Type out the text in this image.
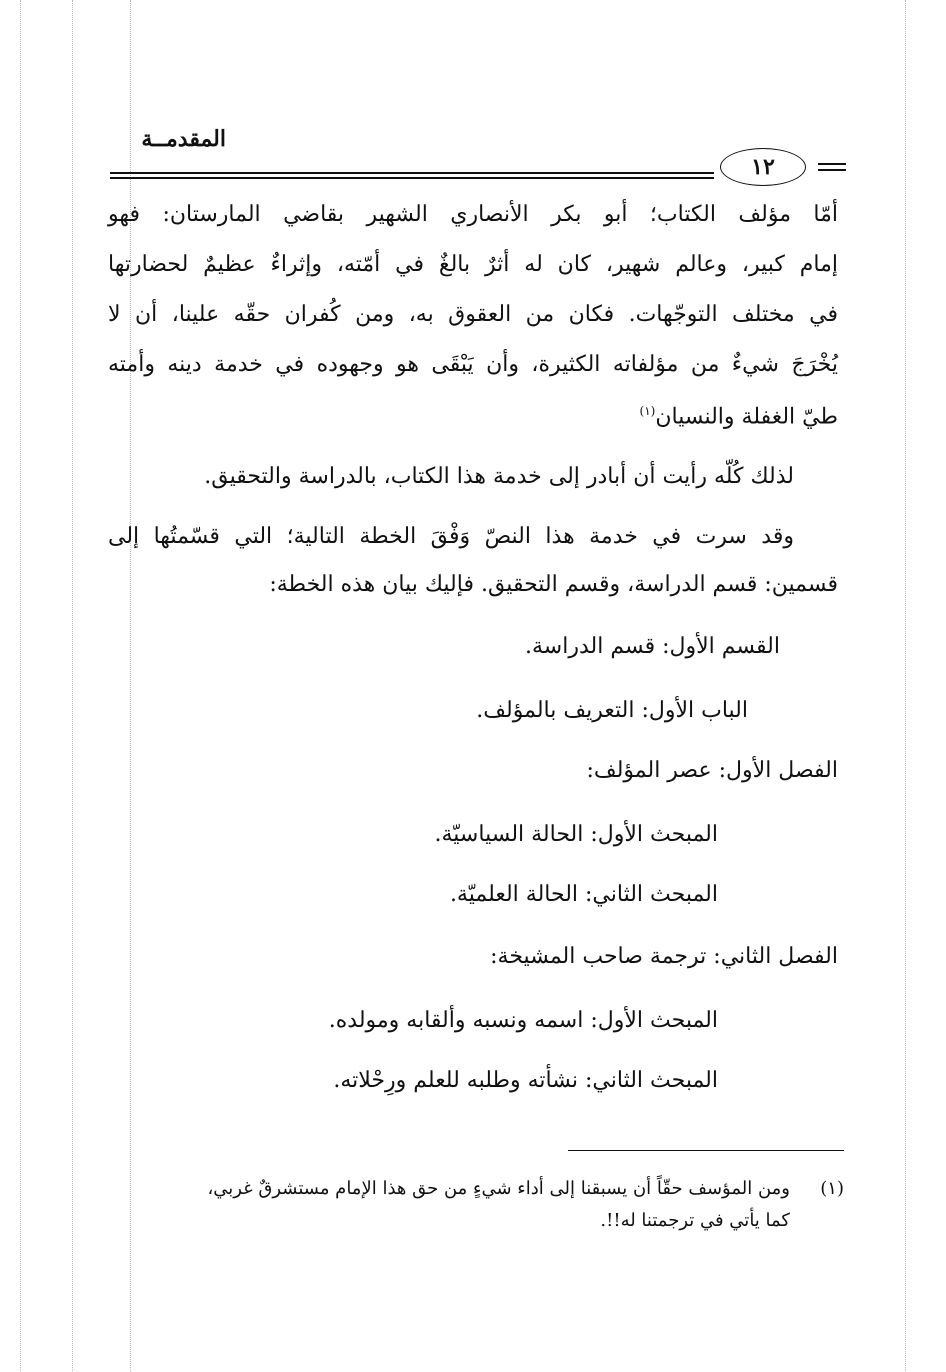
المقدمــة
١٢
أمّا مؤلف الكتاب؛ أبو بكر الأنصاري الشهير بقاضي المارستان: فهو
إمام كبير، وعالم شهير، كان له أثرٌ بالغٌ في أمّته، وإثراءٌ عظيمٌ لحضارتها
في مختلف التوجّهات. فكان من العقوق به، ومن كُفران حقّه علينا، أن لا
يُخْرَجَ شيءٌ من مؤلفاته الكثيرة، وأن يَبْقَى هو وجهوده في خدمة دينه وأمته
طيّ الغفلة والنسيان$^{(١)}$
لذلك كُلّه رأيت أن أبادر إلى خدمة هذا الكتاب، بالدراسة والتحقيق.
وقد سرت في خدمة هذا النصّ وَفْقَ الخطة التالية؛ التي قسّمتُها إلى
قسمين: قسم الدراسة، وقسم التحقيق. فإليك بيان هذه الخطة:
القسم الأول: قسم الدراسة.
الباب الأول: التعريف بالمؤلف.
الفصل الأول: عصر المؤلف:
المبحث الأول: الحالة السياسيّة.
المبحث الثاني: الحالة العلميّة.
الفصل الثاني: ترجمة صاحب المشيخة:
المبحث الأول: اسمه ونسبه وألقابه ومولده.
المبحث الثاني: نشأته وطلبه للعلم ورِحْلاته.
(١)
ومن المؤسف حقّاً أن يسبقنا إلى أداء شيءٍ من حق هذا الإمام مستشرقٌ غربي،
كما يأتي في ترجمتنا له!!.
